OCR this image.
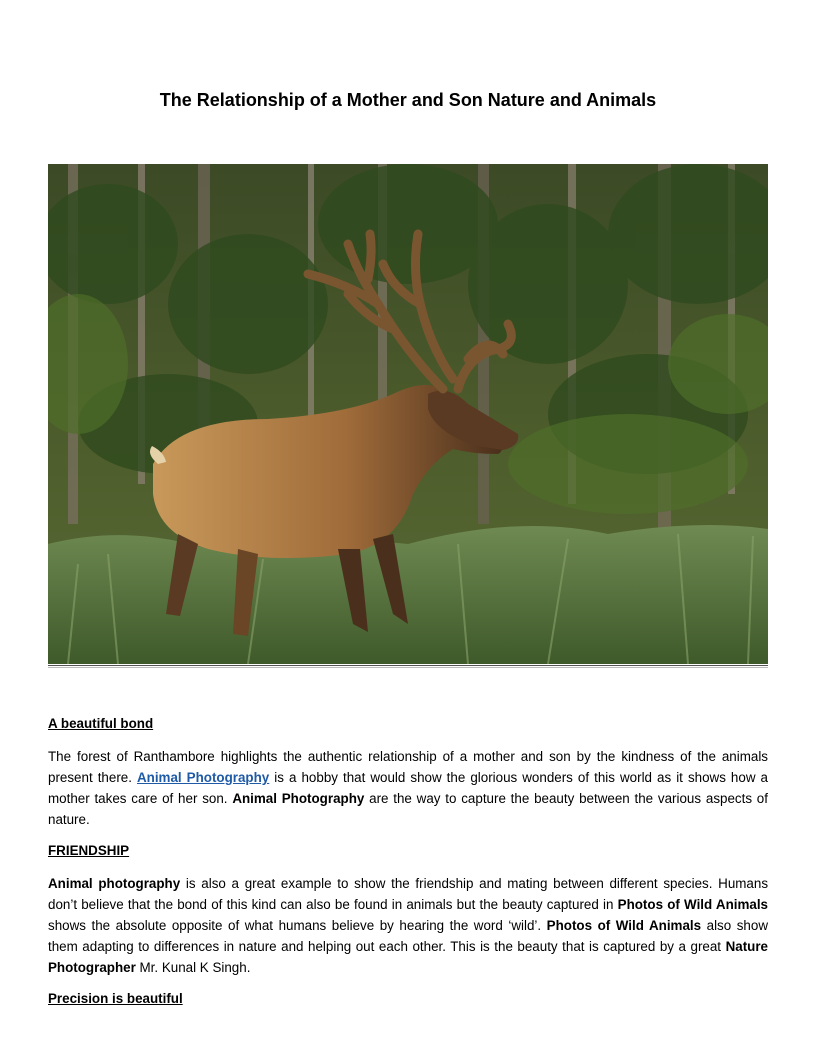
The Relationship of a Mother and Son Nature and Animals

A beautiful bond

The forest of Ranthambore highlights the authentic relationship of a mother and son by the kindness of the animals present there. Animal Photography is a hobby that would show the glorious wonders of this world as it shows how a mother takes care of her son. Animal Photography are the way to capture the beauty between the various aspects of nature.

FRIENDSHIP

Animal photography is also a great example to show the friendship and mating between different species. Humans don’t believe that the bond of this kind can also be found in animals but the beauty captured in Photos of Wild Animals shows the absolute opposite of what humans believe by hearing the word ‘wild’. Photos of Wild Animals also show them adapting to differences in nature and helping out each other. This is the beauty that is captured by a great Nature Photographer Mr. Kunal K Singh.

Precision is beautiful
